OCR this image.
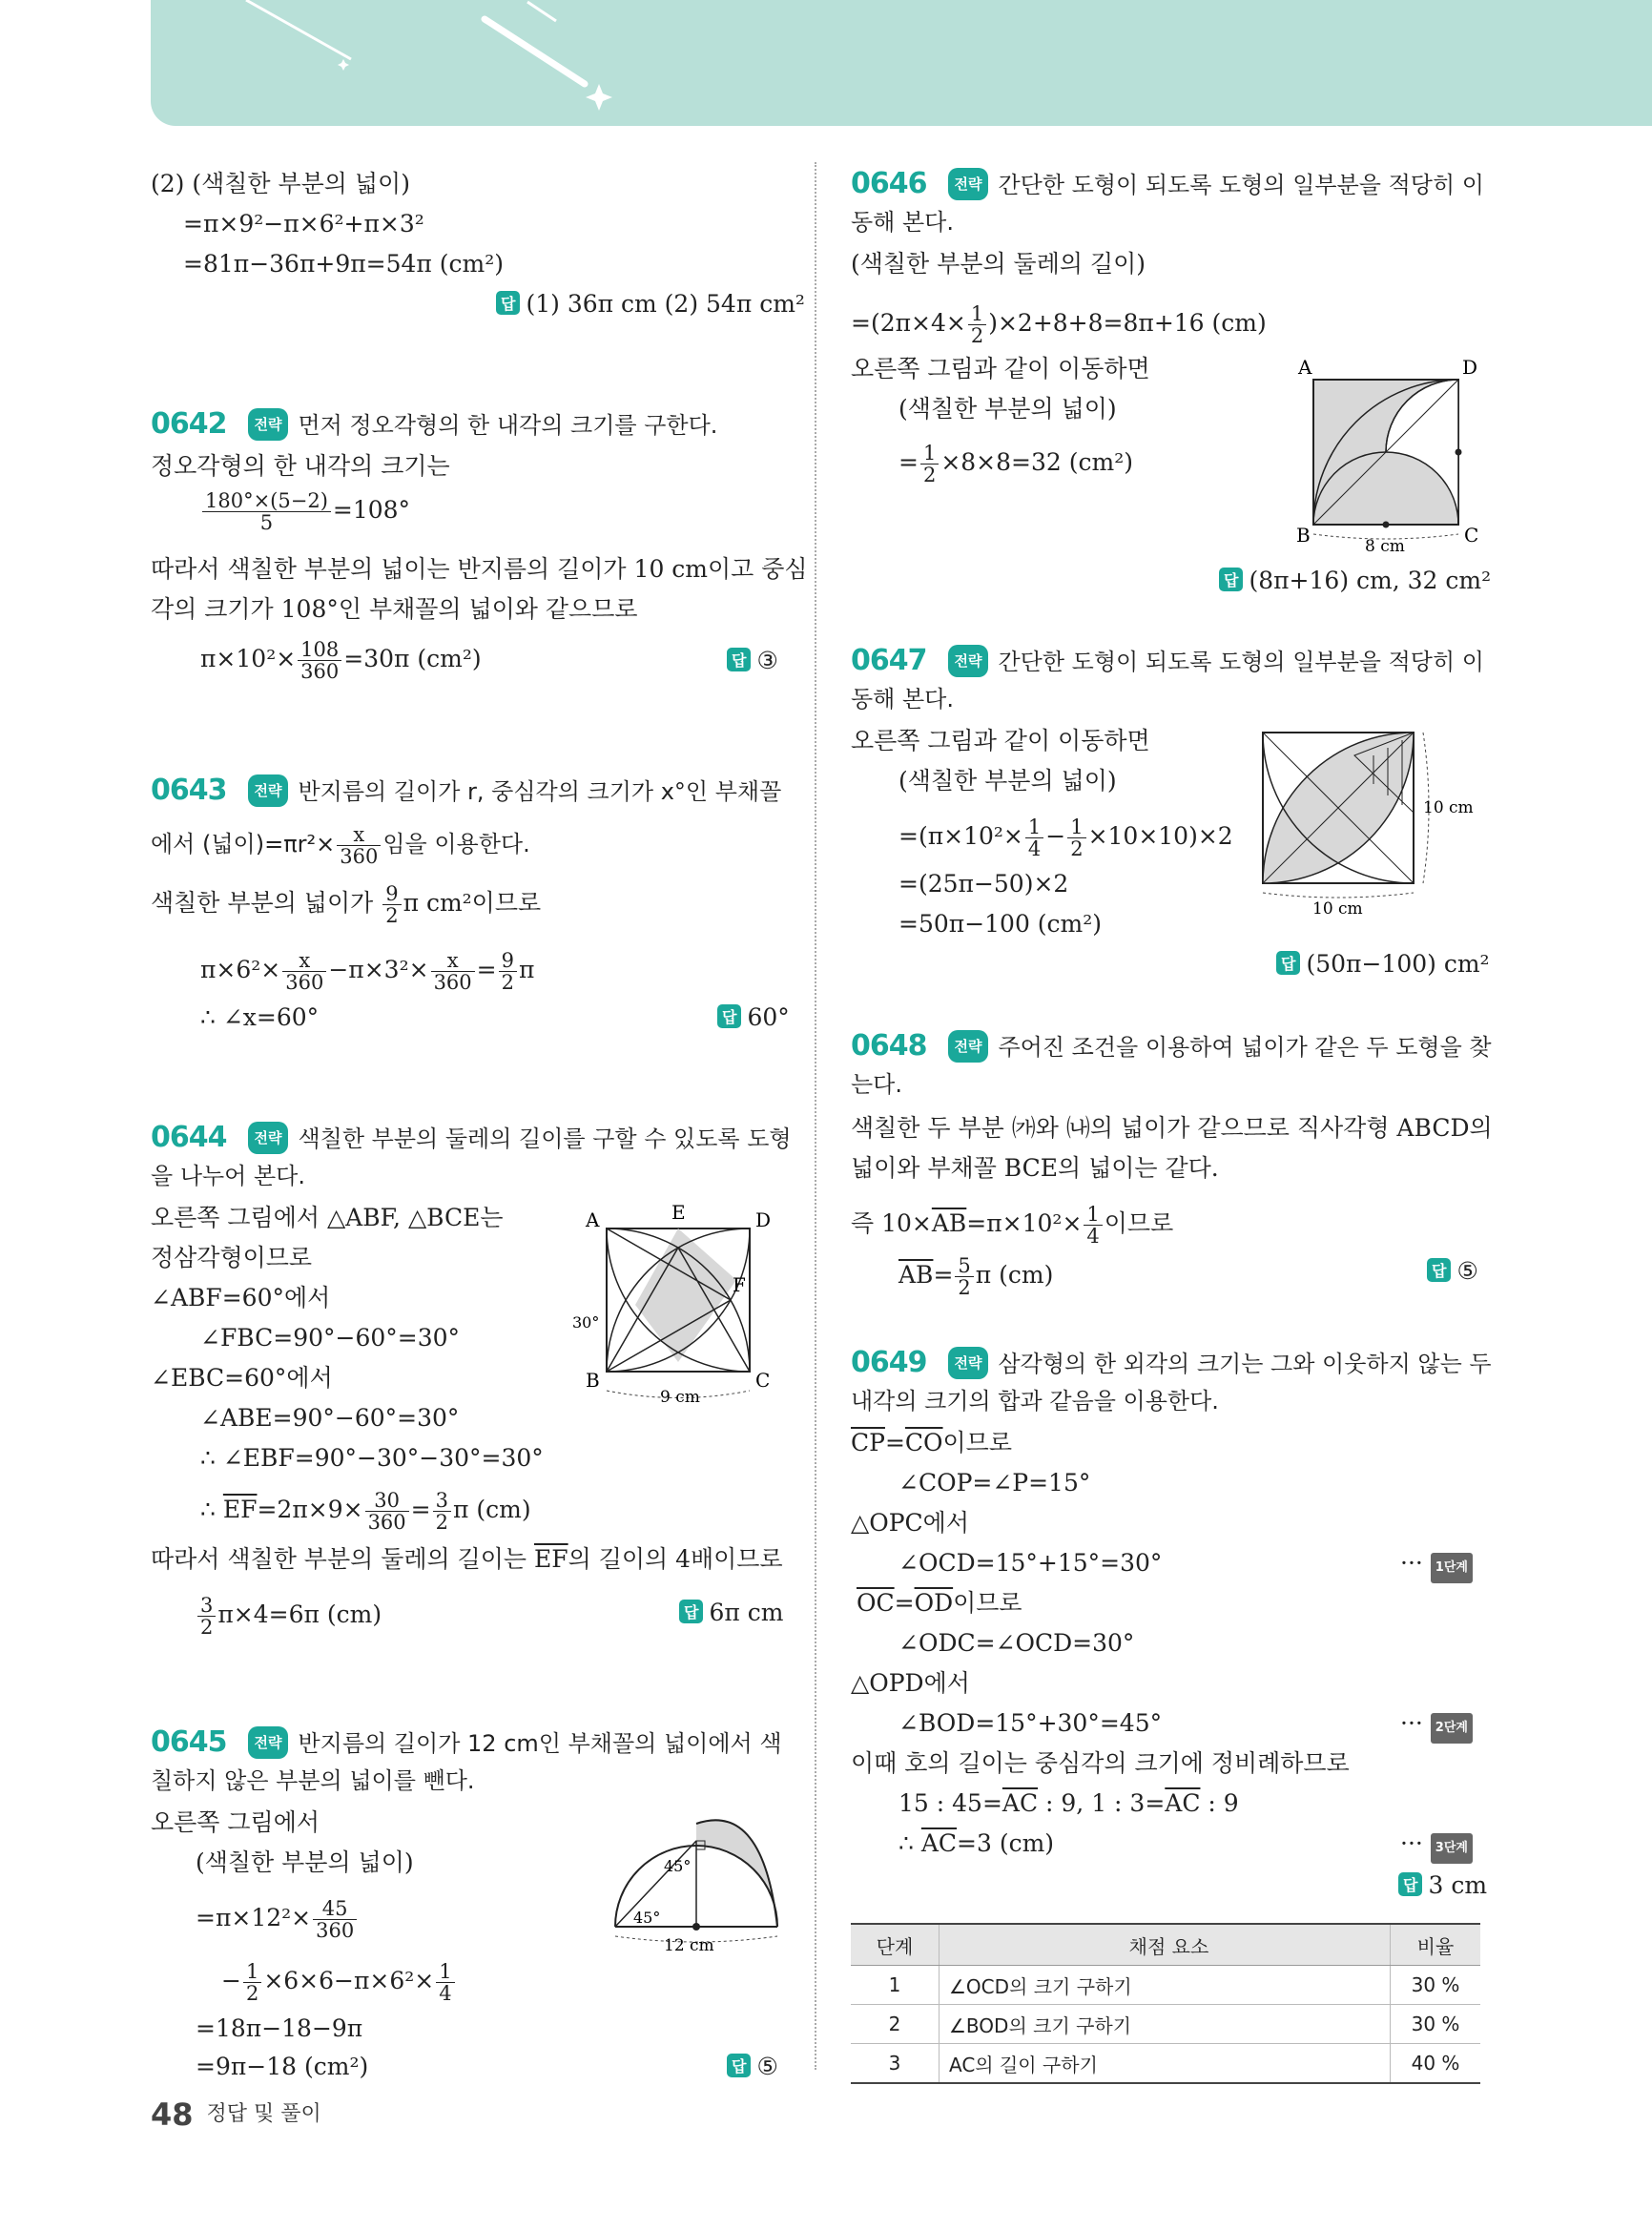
(2) (색칠한 부분의 넓이)
=π×9²−π×6²+π×3²
=81π−36π+9π=54π (cm²)
답 (1) 36π cm (2) 54π cm²
0642 전략 먼저 정오각형의 한 내각의 크기를 구한다.
정오각형의 한 내각의 크기는
$\frac{180^\circ\times(5-2)}{5} =108^\circ$
따라서 색칠한 부분의 넓이는 반지름의 길이가 10 cm이고 중심
각의 크기가 108°인 부채꼴의 넓이와 같으므로
$\pi\times 10^2\times \frac{108}{360} =30\pi$ (cm²)	답 ③
0643 전략 반지름의 길이가 r, 중심각의 크기가 x°인 부채꼴
에서 (넓이)$=\pi r^2\times \frac{x}{360}$ 임을 이용한다.
색칠한 부분의 넓이가 $\frac{9}{2}$ π cm²이므로
$\pi\times 6^2\times \frac{x}{360} -\pi\times 3^2\times \frac{x}{360} = \frac{9}{2}$ π
∴ ∠x=60°	답 60°
0644 전략 색칠한 부분의 둘레의 길이를 구할 수 있도록 도형
을 나누어 본다.
오른쪽 그림에서 △ABF, △BCE는
정삼각형이므로
∠ABF=60°에서
∠FBC=90°−60°=30°
∠EBC=60°에서
∠ABE=90°−60°=30°
∴ ∠EBF=90°−30°−30°=30°
∴ $\overline{EF}=2\pi\times 9\times \frac{30}{360} = \frac{3}{2}$ π (cm)
따라서 색칠한 부분의 둘레의 길이는 $\overline{EF}$의 길이의 4배이므로
$\frac{3}{2} \pi\times 4=6\pi$ (cm)	답 6π cm
A	E	D
F
B	C
30°
9 cm
0645 전략 반지름의 길이가 12 cm인 부채꼴의 넓이에서 색
칠하지 않은 부분의 넓이를 뺀다.
오른쪽 그림에서
(색칠한 부분의 넓이)
$=\pi\times 12^2\times \frac{45}{360}$
− $\frac{1}{2} \times 6\times 6-\pi\times 6^2\times \frac{1}{4}$
=18π−18−9π
=9π−18 (cm²)	답 ⑤
45°
45°
12 cm
0646 전략 간단한 도형이 되도록 도형의 일부분을 적당히 이
동해 본다.
(색칠한 부분의 둘레의 길이)
$=(2\pi\times 4\times \frac{1}{2} )\times 2+8+8=8\pi+16$ (cm)
오른쪽 그림과 같이 이동하면
(색칠한 부분의 넓이)
= $\frac{1}{2} \times 8\times 8=32$ (cm²)
답 (8π+16) cm, 32 cm²
A	D
B	C
8 cm
0647 전략 간단한 도형이 되도록 도형의 일부분을 적당히 이
동해 본다.
오른쪽 그림과 같이 이동하면
(색칠한 부분의 넓이)
$=(\pi\times 10^2\times \frac{1}{4} - \frac{1}{2} \times 10\times 10)\times 2$
=(25π−50)×2
=50π−100 (cm²)
답 (50π−100) cm²
10 cm
10 cm
0648 전략 주어진 조건을 이용하여 넓이가 같은 두 도형을 찾
는다.
색칠한 두 부분 ㈎와 ㈏의 넓이가 같으므로 직사각형 ABCD의
넓이와 부채꼴 BCE의 넓이는 같다.
즉 $10\times\overline{AB}=\pi\times 10^2\times \frac{1}{4}$ 이므로
$\overline{AB}= \frac{5}{2}$ π (cm)	답 ⑤
0649 전략 삼각형의 한 외각의 크기는 그와 이웃하지 않는 두
내각의 크기의 합과 같음을 이용한다.
$\overline{CP}=\overline{CO}$이므로
∠COP=∠P=15°
△OPC에서
∠OCD=15°+15°=30°	··· 1단계
$\overline{OC}=\overline{OD}$이므로
∠ODC=∠OCD=30°
△OPD에서
∠BOD=15°+30°=45°	··· 2단계
이때 호의 길이는 중심각의 크기에 정비례하므로
15 : $45=\overline{AC}$ : 9, 1 : $3=\overline{AC}$ : 9
∴ $\overline{AC}=3$ (cm)	··· 3단계
답 3 cm
단계	채점 요소	비율
1	∠OCD의 크기 구하기	30 %
2	∠BOD의 크기 구하기	30 %
3	AC의 길이 구하기	40 %
48 정답 및 풀이
